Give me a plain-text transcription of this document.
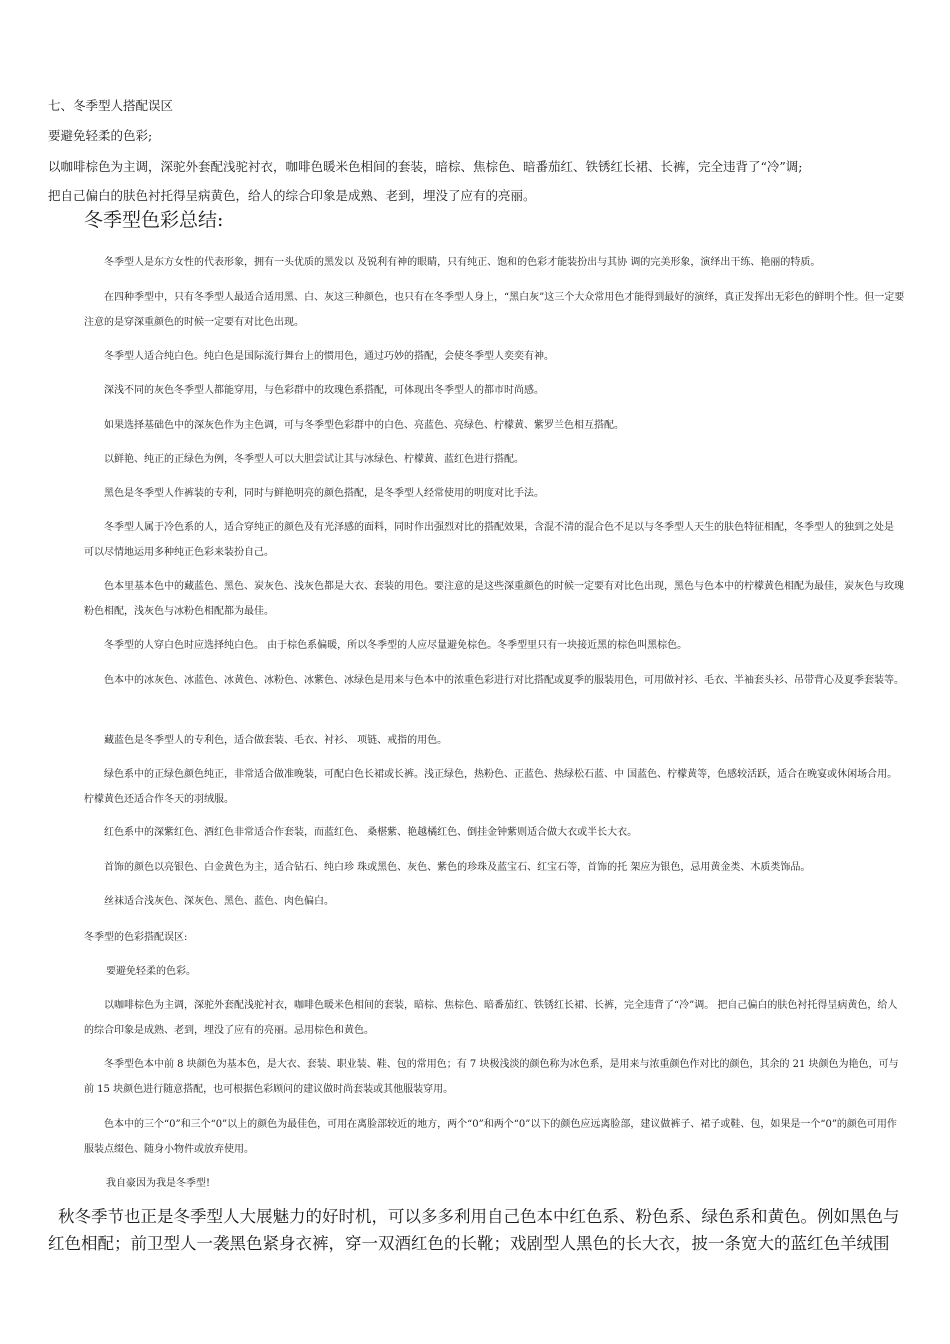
七、冬季型人搭配误区
要避免轻柔的色彩;
以咖啡棕色为主调，深驼外套配浅驼衬衣，咖啡色暖米色相间的套装，暗棕、焦棕色、暗番茄红、铁锈红长裙、长裤，完全违背了“冷”调;
把自己偏白的肤色衬托得呈病黄色，给人的综合印象是成熟、老到，埋没了应有的亮丽。
冬季型色彩总结:
冬季型人是东方女性的代表形象，拥有一头优质的黑发以 及锐利有神的眼睛，只有纯正、饱和的色彩才能装扮出与其协 调的完美形象，演绎出干练、艳丽的特质。
在四种季型中，只有冬季型人最适合适用黑、白、灰这三种颜色，也只有在冬季型人身上，“黑白灰”这三个大众常用色才能得到最好的演绎，真正发挥出无彩色的鲜明个性。但一定要注意的是穿深重颜色的时候一定要有对比色出现。
冬季型人适合纯白色。纯白色是国际流行舞台上的惯用色，通过巧妙的搭配，会使冬季型人奕奕有神。
深浅不同的灰色冬季型人都能穿用，与色彩群中的玫瑰色系搭配，可体现出冬季型人的都市时尚感。
如果选择基础色中的深灰色作为主色调，可与冬季型色彩群中的白色、亮蓝色、亮绿色、柠檬黄、紫罗兰色相互搭配。
以鲜艳、纯正的正绿色为例，冬季型人可以大胆尝试让其与冰绿色、柠檬黄、蓝红色进行搭配。
黑色是冬季型人作裤装的专利，同时与鲜艳明亮的颜色搭配，是冬季型人经常使用的明度对比手法。
冬季型人属于冷色系的人，适合穿纯正的颜色及有光泽感的面料，同时作出强烈对比的搭配效果，含混不清的混合色不足以与冬季型人天生的肤色特征相配，冬季型人的独到之处是 可以尽情地运用多种纯正色彩来装扮自己。
色本里基本色中的藏蓝色、黑色、炭灰色、浅灰色都是大衣、套装的用色。要注意的是这些深重颜色的时候一定要有对比色出现，黑色与色本中的柠檬黄色相配为最佳，炭灰色与玫瑰粉色相配，浅灰色与冰粉色相配都为最佳。
冬季型的人穿白色时应选择纯白色。 由于棕色系偏暖，所以冬季型的人应尽量避免棕色。冬季型里只有一块接近黑的棕色叫黑棕色。
色本中的冰灰色、冰蓝色、冰黄色、冰粉色、冰紫色、冰绿色是用来与色本中的浓重色彩进行对比搭配或夏季的服装用色，可用做衬衫、毛衣、半袖套头衫、吊带背心及夏季套装等。
藏蓝色是冬季型人的专利色，适合做套装、毛衣、衬衫、 项链、戒指的用色。
绿色系中的正绿色颜色纯正，非常适合做准晚装，可配白色长裙或长裤。浅正绿色，热粉色、正蓝色、热绿松石蓝、中 国蓝色、柠檬黄等，色感较活跃，适合在晚宴或休闲场合用。 柠檬黄色还适合作冬天的羽绒服。
红色系中的深紫红色、酒红色非常适合作套装，而蓝红色、 桑椹紫、艳越橘红色、倒挂金钟紫则适合做大衣或半长大衣。
首饰的颜色以亮银色、白金黄色为主，适合钻石、纯白珍 珠或黑色、灰色、紫色的珍珠及蓝宝石、红宝石等，首饰的托 架应为银色，忌用黄金类、木质类饰品。
丝袜适合浅灰色、深灰色、黑色、蓝色、肉色偏白。
冬季型的色彩搭配误区:
要避免轻柔的色彩。
以咖啡棕色为主调，深驼外套配浅驼衬衣，咖啡色暖米色相间的套装，暗棕、焦棕色、暗番茄红、铁锈红长裙、长裤，完全违背了“冷”调。 把自己偏白的肤色衬托得呈病黄色，给人的综合印象是成熟、老到，埋没了应有的亮丽。忌用棕色和黄色。
冬季型色本中前 8 块颜色为基本色，是大衣、套装、职业装、鞋、包的常用色；有 7 块极浅淡的颜色称为冰色系，是用来与浓重颜色作对比的颜色，其余的 21 块颜色为艳色，可与前 15 块颜色进行随意搭配，也可根据色彩顾问的建议做时尚套装或其他服装穿用。
色本中的三个“0”和三个“0”以上的颜色为最佳色，可用在离脸部较近的地方，两个“0”和两个“0”以下的颜色应远离脸部，建议做裤子、裙子或鞋、包，如果是一个“0”的颜色可用作服装点缀色、随身小物件或放弃使用。
我自豪因为我是冬季型!
秋冬季节也正是冬季型人大展魅力的好时机，可以多多利用自己色本中红色系、粉色系、绿色系和黄色。例如黑色与红色相配；前卫型人一袭黑色紧身衣裤，穿一双酒红色的长靴；戏剧型人黑色的长大衣，披一条宽大的蓝红色羊绒围
